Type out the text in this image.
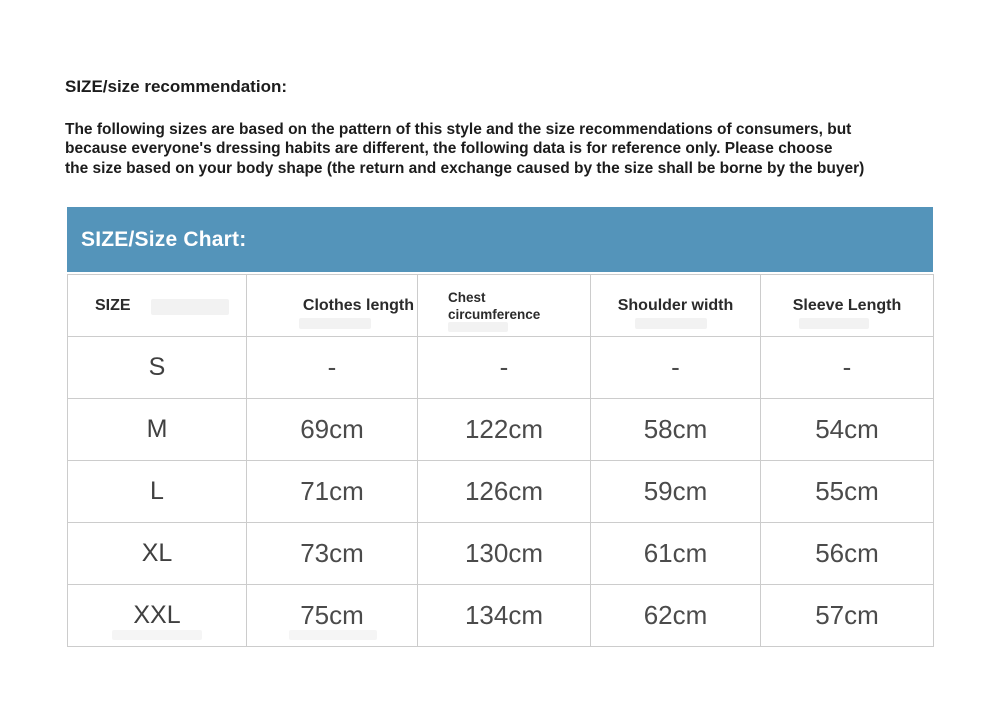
SIZE/size recommendation:
The following sizes are based on the pattern of this style and the size recommendations of consumers, but
because everyone's dressing habits are different, the following data is for reference only. Please choose
the size based on your body shape (the return and exchange caused by the size shall be borne by the buyer)
SIZE/Size Chart:
SIZE	Clothes length	Chest circumference	Shoulder width	Sleeve Length

S	-	-	-	-
M	69cm	122cm	58cm	54cm
L	71cm	126cm	59cm	55cm
XL	73cm	130cm	61cm	56cm
XXL	75cm	134cm	62cm	57cm
